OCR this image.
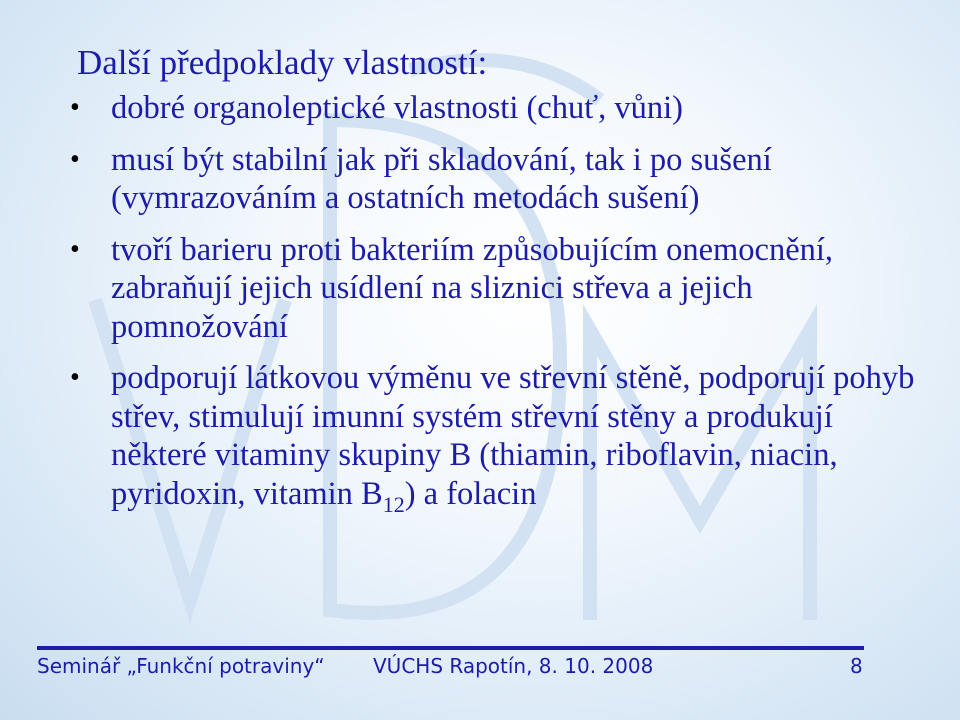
Další předpoklady vlastností:
• dobré organoleptické vlastnosti (chuť, vůni)
• musí být stabilní jak při skladování, tak i po sušení (vymrazováním a ostatních metodách sušení)
• tvoří barieru proti bakteriím způsobujícím onemocnění, zabraňují jejich usídlení na sliznici střeva a jejich pomnožování
• podporují látkovou výměnu ve střevní stěně, podporují pohyb střev, stimulují imunní systém střevní stěny a produkují některé vitaminy skupiny B (thiamin, riboflavin, niacin, pyridoxin, vitamin $B_{12}$) a folacin
Seminář „Funkční potraviny“ VÚCHS Rapotín, 8. 10. 2008	8
